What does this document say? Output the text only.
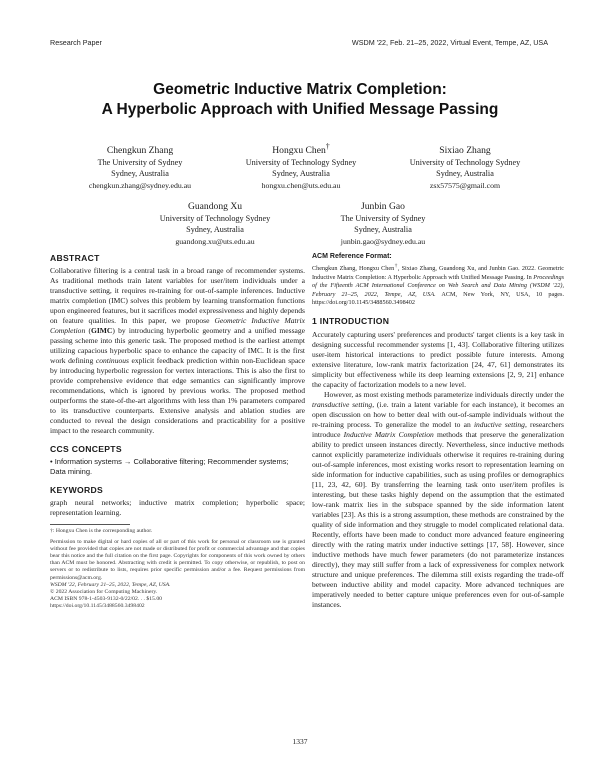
Research Paper	WSDM '22, Feb. 21–25, 2022, Virtual Event, Tempe, AZ, USA
Geometric Inductive Matrix Completion:
A Hyperbolic Approach with Unified Message Passing
Chengkun Zhang
The University of Sydney
Sydney, Australia
chengkun.zhang@sydney.edu.au
Hongxu Chen†
University of Technology Sydney
Sydney, Australia
hongxu.chen@uts.edu.au
Sixiao Zhang
University of Technology Sydney
Sydney, Australia
zsx57575@gmail.com
Guandong Xu
University of Technology Sydney
Sydney, Australia
guandong.xu@uts.edu.au
Junbin Gao
The University of Sydney
Sydney, Australia
junbin.gao@sydney.edu.au
ABSTRACT

Collaborative filtering is a central task in a broad range of recommender systems. As traditional methods train latent variables for user/item individuals under a transductive setting, it requires re-training for out-of-sample inferences. Inductive matrix completion (IMC) solves this problem by learning transformation functions upon engineered features, but it sacrifices model expressiveness and highly depends on feature qualities. In this paper, we propose Geometric Inductive Matrix Completion (GIMC) by introducing hyperbolic geometry and a unified message passing scheme into this generic task. The proposed method is the earliest attempt utilizing capacious hyperbolic space to enhance the capacity of IMC. It is the first work defining continuous explicit feedback prediction within non-Euclidean space by introducing hyperbolic regression for vertex interactions. This is also the first to provide comprehensive evidence that edge semantics can significantly improve recommendations, which is ignored by previous works. The proposed method outperforms the state-of-the-art algorithms with less than 1% parameters compared to its transductive counterparts. Extensive analysis and ablation studies are conducted to reveal the design considerations and practicability for a positive impact to the research community.

CCS CONCEPTS

• Information systems → Collaborative filtering; Recommender systems; Data mining.

KEYWORDS

graph neural networks; inductive matrix completion; hyperbolic space; representation learning.

†: Hongxu Chen is the corresponding author.

Permission to make digital or hard copies of all or part of this work for personal or classroom use is granted without fee provided that copies are not made or distributed for profit or commercial advantage and that copies bear this notice and the full citation on the first page. Copyrights for components of this work owned by others than ACM must be honored. Abstracting with credit is permitted. To copy otherwise, or republish, to post on servers or to redistribute to lists, requires prior specific permission and/or a fee. Request permissions from permissions@acm.org.

WSDM '22, February 21–25, 2022, Tempe, AZ, USA.

© 2022 Association for Computing Machinery.

ACM ISBN 978-1-4503-9132-0/22/02. . . $15.00

https://doi.org/10.1145/3488560.3498402

ACM Reference Format:

Chengkun Zhang, Hongxu Chen†, Sixiao Zhang, Guandong Xu, and Junbin Gao. 2022. Geometric Inductive Matrix Completion: A Hyperbolic Approach with Unified Message Passing. In Proceedings of the Fifteenth ACM International Conference on Web Search and Data Mining (WSDM '22), February 21–25, 2022, Tempe, AZ, USA. ACM, New York, NY, USA, 10 pages. https://doi.org/10.1145/3488560.3498402

1 INTRODUCTION

Accurately capturing users' preferences and products' target clients is a key task in designing successful recommender systems [1, 43]. Collaborative filtering utilizes user-item historical interactions to predict possible future interests. Among extensive literature, low-rank matrix factorization [24, 47, 61] demonstrates its simplicity but effectiveness while its deep learning extensions [2, 9, 21] enhance the capacity of factorization models to a new level.

However, as most existing methods parameterize individuals directly under the transductive setting, (i.e. train a latent variable for each instance), it becomes an open discussion on how to better deal with out-of-sample individuals without the re-training process. To generalize the model to an inductive setting, researchers introduce Inductive Matrix Completion methods that preserve the generalization ability to predict unseen instances directly. Nevertheless, since inductive methods cannot explicitly parameterize individuals otherwise it requires re-training during out-of-sample inferences, most existing works resort to representation learning on side information for inductive capabilities, such as using profiles or demographics [11, 23, 42, 60]. By transferring the learning task onto user/item profiles is interesting, but these tasks highly depend on the assumption that the estimated low-rank matrix lies in the subspace spanned by the side information latent variables [23]. As this is a strong assumption, these methods are constrained by the quality of side information and they struggle to model complicated relational data. Recently, efforts have been made to conduct more advanced feature engineering directly with the rating matrix under inductive settings [17, 58]. However, since inductive methods have much fewer parameters (do not parameterize instances directly), they may still suffer from a lack of expressiveness for complex network structure and unique preferences. The dilemma still exists regarding the trade-off between inductive ability and model capacity. More advanced techniques are imperatively needed to better capture unique preferences even for out-of-sample instances.

1337
